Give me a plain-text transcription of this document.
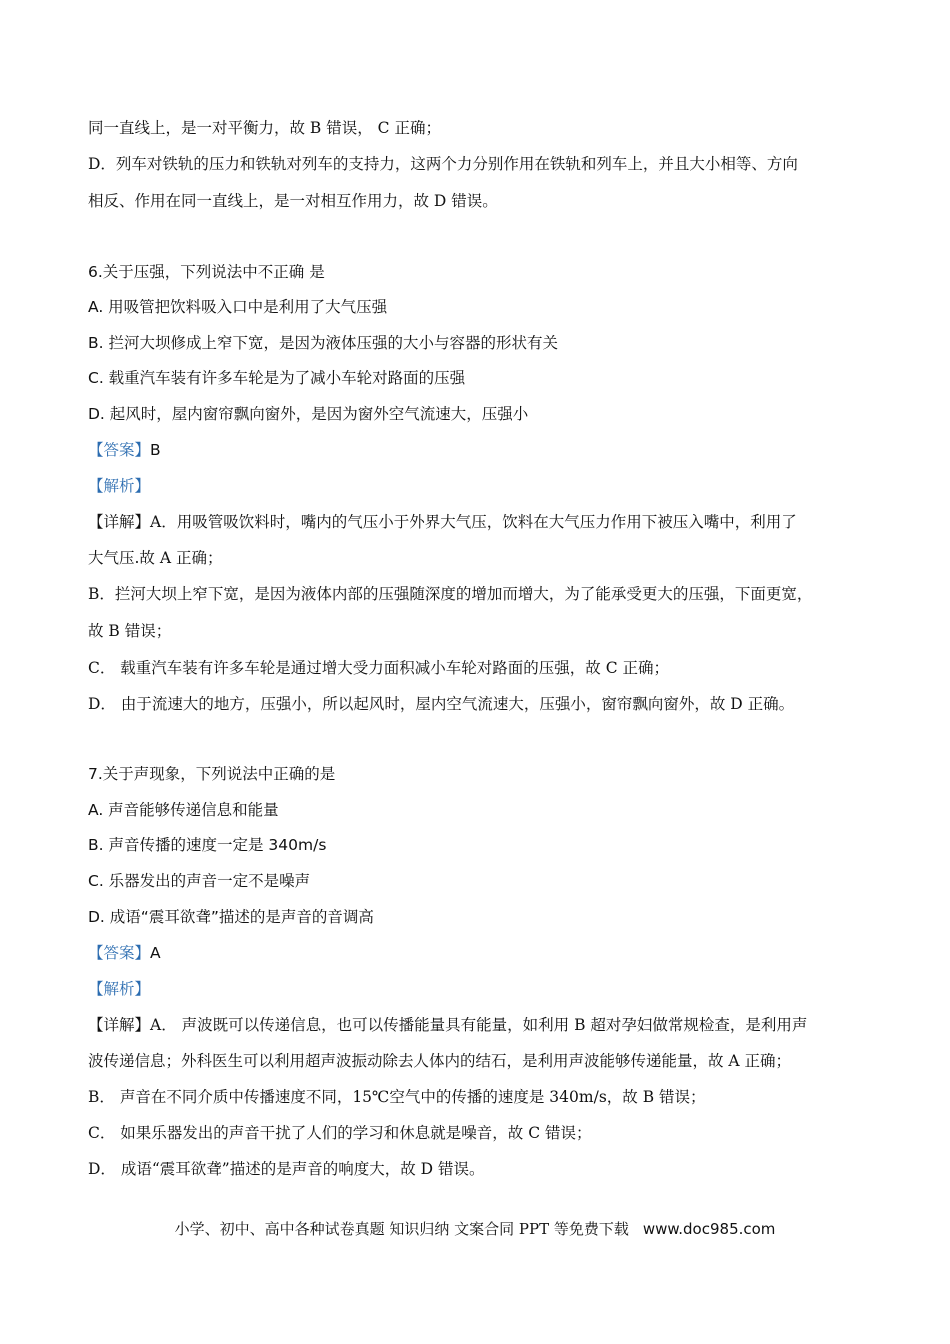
同一直线上，是一对平衡力，故 B 错误， C 正确；
D．列车对铁轨的压力和铁轨对列车的支持力，这两个力分别作用在铁轨和列车上，并且大小相等、方向
相反、作用在同一直线上，是一对相互作用力，故 D 错误。
6.关于压强，下列说法中不正确 是
A. 用吸管把饮料吸入口中是利用了大气压强
B. 拦河大坝修成上窄下宽，是因为液体压强的大小与容器的形状有关
C. 载重汽车装有许多车轮是为了减小车轮对路面的压强
D. 起风时，屋内窗帘飘向窗外，是因为窗外空气流速大，压强小
【答案】B
【解析】
【详解】A．用吸管吸饮料时，嘴内的气压小于外界大气压，饮料在大气压力作用下被压入嘴中，利用了
大气压.故 A 正确；
B．拦河大坝上窄下宽，是因为液体内部的压强随深度的增加而增大，为了能承受更大的压强，下面更宽，
故 B 错误；
C． 载重汽车装有许多车轮是通过增大受力面积减小车轮对路面的压强，故 C 正确；
D． 由于流速大的地方，压强小，所以起风时，屋内空气流速大，压强小，窗帘飘向窗外，故 D 正确。
7.关于声现象，下列说法中正确的是
A. 声音能够传递信息和能量
B. 声音传播的速度一定是 340m/s
C. 乐器发出的声音一定不是噪声
D. 成语“震耳欲聋”描述的是声音的音调高
【答案】A
【解析】
【详解】A． 声波既可以传递信息，也可以传播能量具有能量，如利用 B 超对孕妇做常规检查，是利用声
波传递信息；外科医生可以利用超声波振动除去人体内的结石，是利用声波能够传递能量，故 A 正确；
B． 声音在不同介质中传播速度不同，15℃空气中的传播的速度是 340m/s，故 B 错误；
C． 如果乐器发出的声音干扰了人们的学习和休息就是噪音，故 C 错误；
D． 成语“震耳欲聋”描述的是声音的响度大，故 D 错误。
小学、初中、高中各种试卷真题 知识归纳 文案合同 PPT 等免费下载 www.doc985.com
